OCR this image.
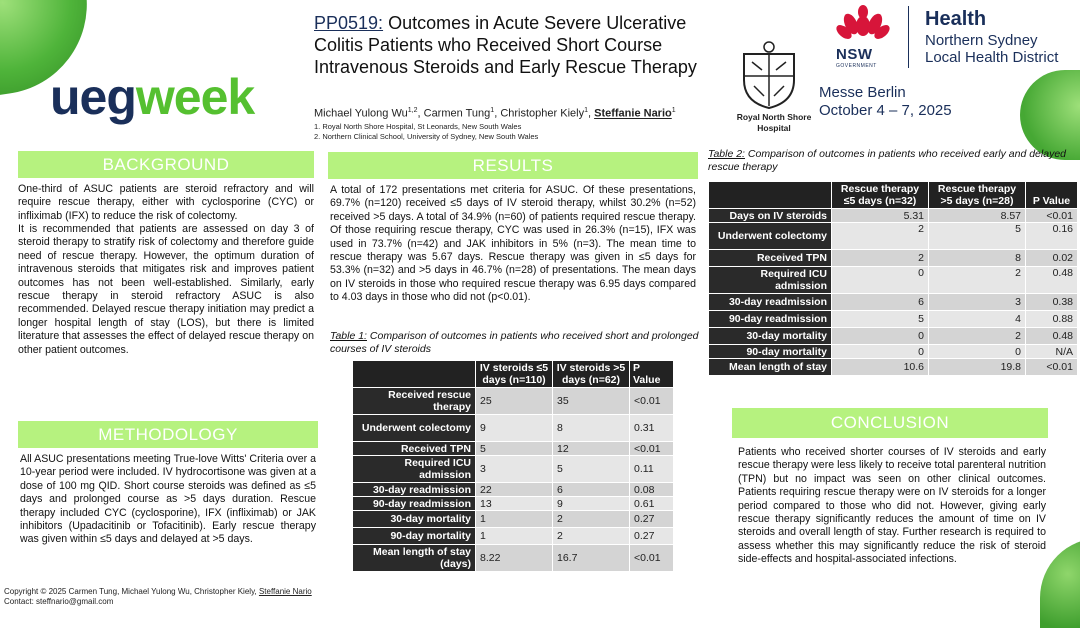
uegweek
PP0519: Outcomes in Acute Severe Ulcerative Colitis Patients who Received Short Course Intravenous Steroids and Early Rescue Therapy
Michael Yulong Wu$^{1,2}$, Carmen Tung$^1$, Christopher Kiely$^1$, Steffanie Nario$^1$
1. Royal North Shore Hospital, St Leonards, New South Wales
2. Northern Clinical School, University of Sydney, New South Wales
Royal North Shore Hospital
NSW
GOVERNMENT
Health
Northern Sydney
Local Health District
Messe Berlin
October 4 – 7, 2025
BACKGROUND
One-third of ASUC patients are steroid refractory and will require rescue therapy, either with cyclosporine (CYC) or infliximab (IFX) to reduce the risk of colectomy.
It is recommended that patients are assessed on day 3 of steroid therapy to stratify risk of colectomy and therefore guide need of rescue therapy. However, the optimum duration of intravenous steroids that mitigates risk and improves patient outcomes has not been well-established. Similarly, early rescue therapy in steroid refractory ASUC is also recommended. Delayed rescue therapy initiation may predict a longer hospital length of stay (LOS), but there is limited literature that assesses the effect of delayed rescue therapy on other patient outcomes.
METHODOLOGY
All ASUC presentations meeting True-love Witts' Criteria over a 10-year period were included. IV hydrocortisone was given at a dose of 100 mg QID. Short course steroids was defined as ≤5 days and prolonged course as >5 days duration. Rescue therapy included CYC (cyclosporine), IFX (infliximab) or JAK inhibitors (Upadacitinib or Tofacitinib). Early rescue therapy was given within ≤5 days and delayed at >5 days.
RESULTS
A total of 172 presentations met criteria for ASUC. Of these presentations, 69.7% (n=120) received ≤5 days of IV steroid therapy, whilst 30.2% (n=52) received >5 days. A total of 34.9% (n=60) of patients required rescue therapy. Of those requiring rescue therapy, CYC was used in 26.3% (n=15), IFX was used in 73.7% (n=42) and JAK inhibitors in 5% (n=3). The mean time to rescue therapy was 5.67 days. Rescue therapy was given in ≤5 days for 53.3% (n=32) and >5 days in 46.7% (n=28) of presentations. The mean days on IV steroids in those who required rescue therapy was 6.95 days compared to 4.03 days in those who did not (p<0.01).
Table 1: Comparison of outcomes in patients who received short and prolonged courses of IV steroids
	IV steroids ≤5 days (n=110)	IV steroids >5 days (n=62)	P Value
Received rescue therapy	25	35	<0.01
Underwent colectomy	9	8	0.31
Received TPN	5	12	<0.01
Required ICU admission	3	5	0.11
30-day readmission	22	6	0.08
90-day readmission	13	9	0.61
30-day mortality	1	2	0.27
90-day mortality	1	2	0.27
Mean length of stay (days)	8.22	16.7	<0.01
Table 2: Comparison of outcomes in patients who received early and delayed rescue therapy
	Rescue therapy ≤5 days (n=32)	Rescue therapy >5 days (n=28)	P Value
Days on IV steroids	5.31	8.57	<0.01
Underwent colectomy	2	5	0.16
Received TPN	2	8	0.02
Required ICU admission	0	2	0.48
30-day readmission	6	3	0.38
90-day readmission	5	4	0.88
30-day mortality	0	2	0.48
90-day mortality	0	0	N/A
Mean length of stay	10.6	19.8	<0.01
CONCLUSION
Patients who received shorter courses of IV steroids and early rescue therapy were less likely to receive total parenteral nutrition (TPN) but no impact was seen on other clinical outcomes. Patients requiring rescue therapy were on IV steroids for a longer period compared to those who did not. However, giving early rescue therapy significantly reduces the amount of time on IV steroids and overall length of stay. Further research is required to assess whether this may significantly reduce the risk of steroid side-effects and hospital-associated infections.
Copyright © 2025 Carmen Tung, Michael Yulong Wu, Christopher Kiely, Steffanie Nario
Contact: steffnario@gmail.com
